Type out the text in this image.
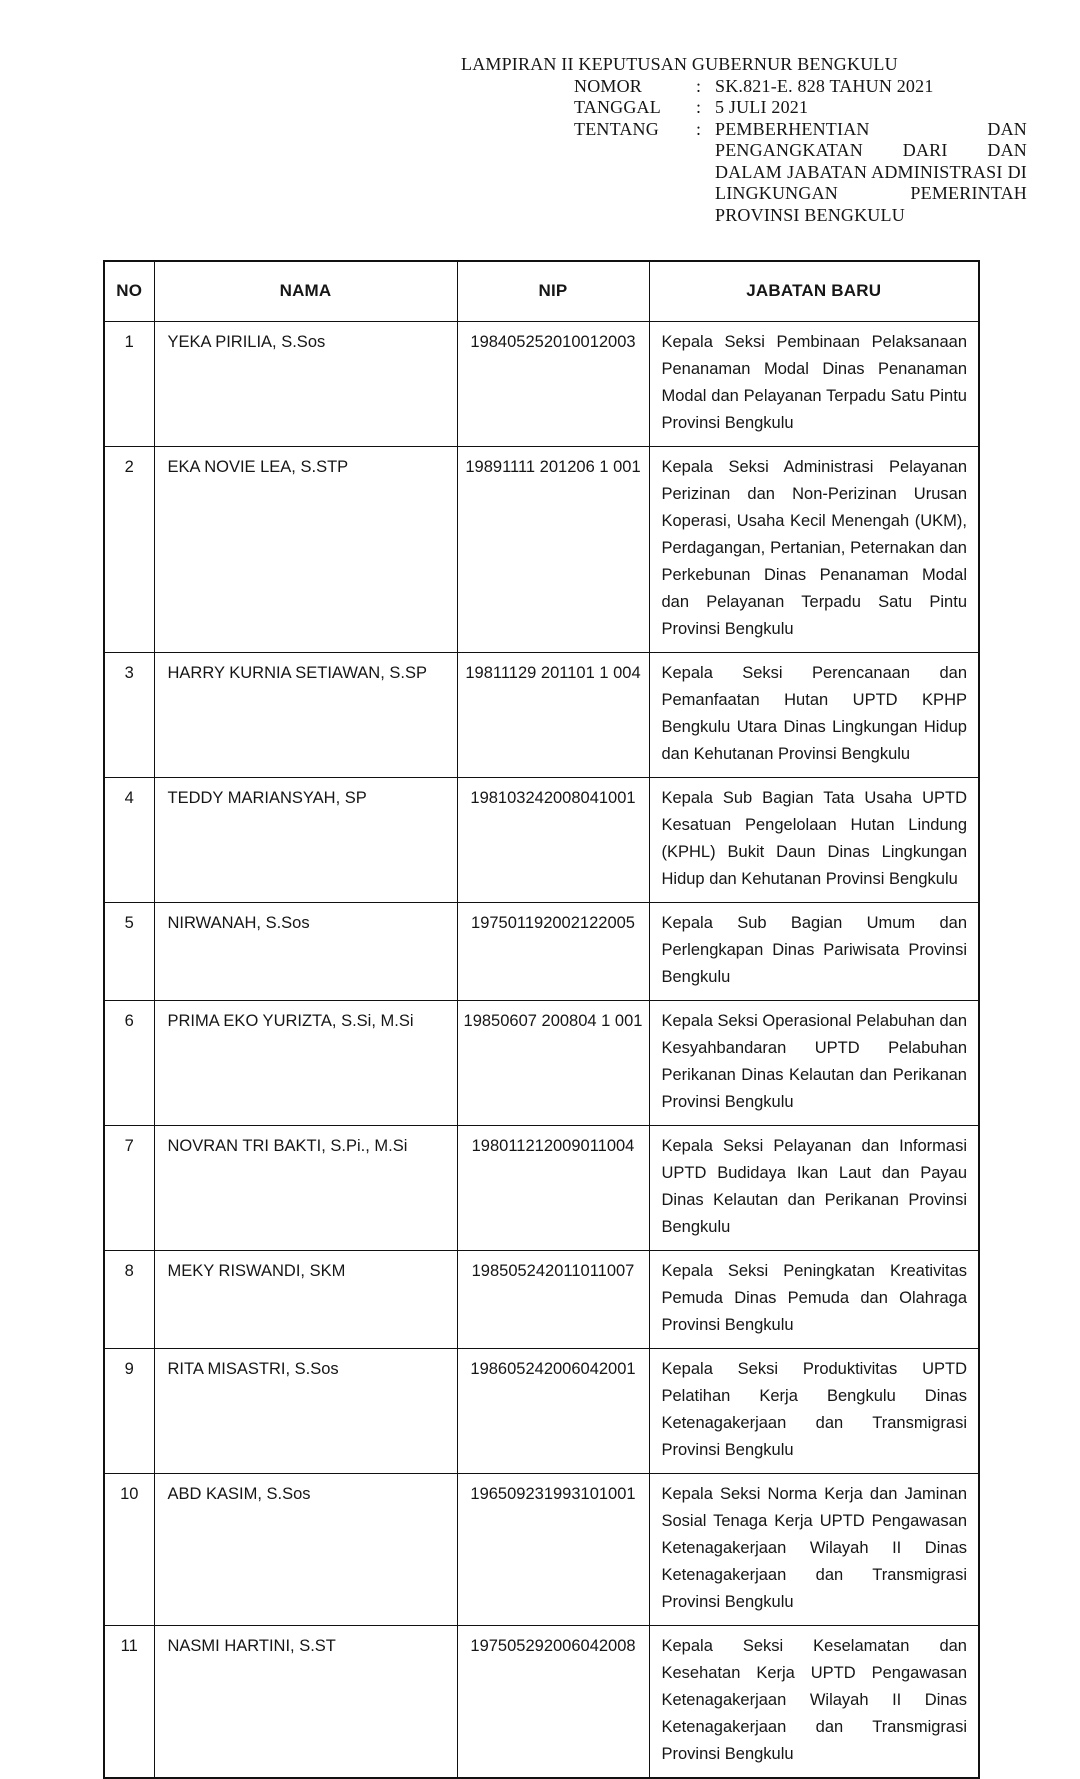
LAMPIRAN II KEPUTUSAN GUBERNUR BENGKULU
NOMOR	: SK.821-E. 828 TAHUN 2021
TANGGAL	: 5 JULI 2021
TENTANG	: PEMBERHENTIAN DAN PENGANGKATAN DARI DAN DALAM JABATAN ADMINISTRASI DI LINGKUNGAN PEMERINTAH PROVINSI BENGKULU
NO	NAMA	NIP	JABATAN BARU
1	YEKA PIRILIA, S.Sos	198405252010012003	Kepala Seksi Pembinaan Pelaksanaan Penanaman Modal Dinas Penanaman Modal dan Pelayanan Terpadu Satu Pintu Provinsi Bengkulu
2	EKA NOVIE LEA, S.STP	19891111 201206 1 001	Kepala Seksi Administrasi Pelayanan Perizinan dan Non-Perizinan Urusan Koperasi, Usaha Kecil Menengah (UKM), Perdagangan, Pertanian, Peternakan dan Perkebunan Dinas Penanaman Modal dan Pelayanan Terpadu Satu Pintu Provinsi Bengkulu
3	HARRY KURNIA SETIAWAN, S.SP	19811129 201101 1 004	Kepala Seksi Perencanaan dan Pemanfaatan Hutan UPTD KPHP Bengkulu Utara Dinas Lingkungan Hidup dan Kehutanan Provinsi Bengkulu
4	TEDDY MARIANSYAH, SP	198103242008041001	Kepala Sub Bagian Tata Usaha UPTD Kesatuan Pengelolaan Hutan Lindung (KPHL) Bukit Daun Dinas Lingkungan Hidup dan Kehutanan Provinsi Bengkulu
5	NIRWANAH, S.Sos	197501192002122005	Kepala Sub Bagian Umum dan Perlengkapan Dinas Pariwisata Provinsi Bengkulu
6	PRIMA EKO YURIZTA, S.Si, M.Si	19850607 200804 1 001	Kepala Seksi Operasional Pelabuhan dan Kesyahbandaran UPTD Pelabuhan Perikanan Dinas Kelautan dan Perikanan Provinsi Bengkulu
7	NOVRAN TRI BAKTI, S.Pi., M.Si	198011212009011004	Kepala Seksi Pelayanan dan Informasi UPTD Budidaya Ikan Laut dan Payau Dinas Kelautan dan Perikanan Provinsi Bengkulu
8	MEKY RISWANDI, SKM	198505242011011007	Kepala Seksi Peningkatan Kreativitas Pemuda Dinas Pemuda dan Olahraga Provinsi Bengkulu
9	RITA MISASTRI, S.Sos	198605242006042001	Kepala Seksi Produktivitas UPTD Pelatihan Kerja Bengkulu Dinas Ketenagakerjaan dan Transmigrasi Provinsi Bengkulu
10	ABD KASIM, S.Sos	196509231993101001	Kepala Seksi Norma Kerja dan Jaminan Sosial Tenaga Kerja UPTD Pengawasan Ketenagakerjaan Wilayah II Dinas Ketenagakerjaan dan Transmigrasi Provinsi Bengkulu
11	NASMI HARTINI, S.ST	197505292006042008	Kepala Seksi Keselamatan dan Kesehatan Kerja UPTD Pengawasan Ketenagakerjaan Wilayah II Dinas Ketenagakerjaan dan Transmigrasi Provinsi Bengkulu
